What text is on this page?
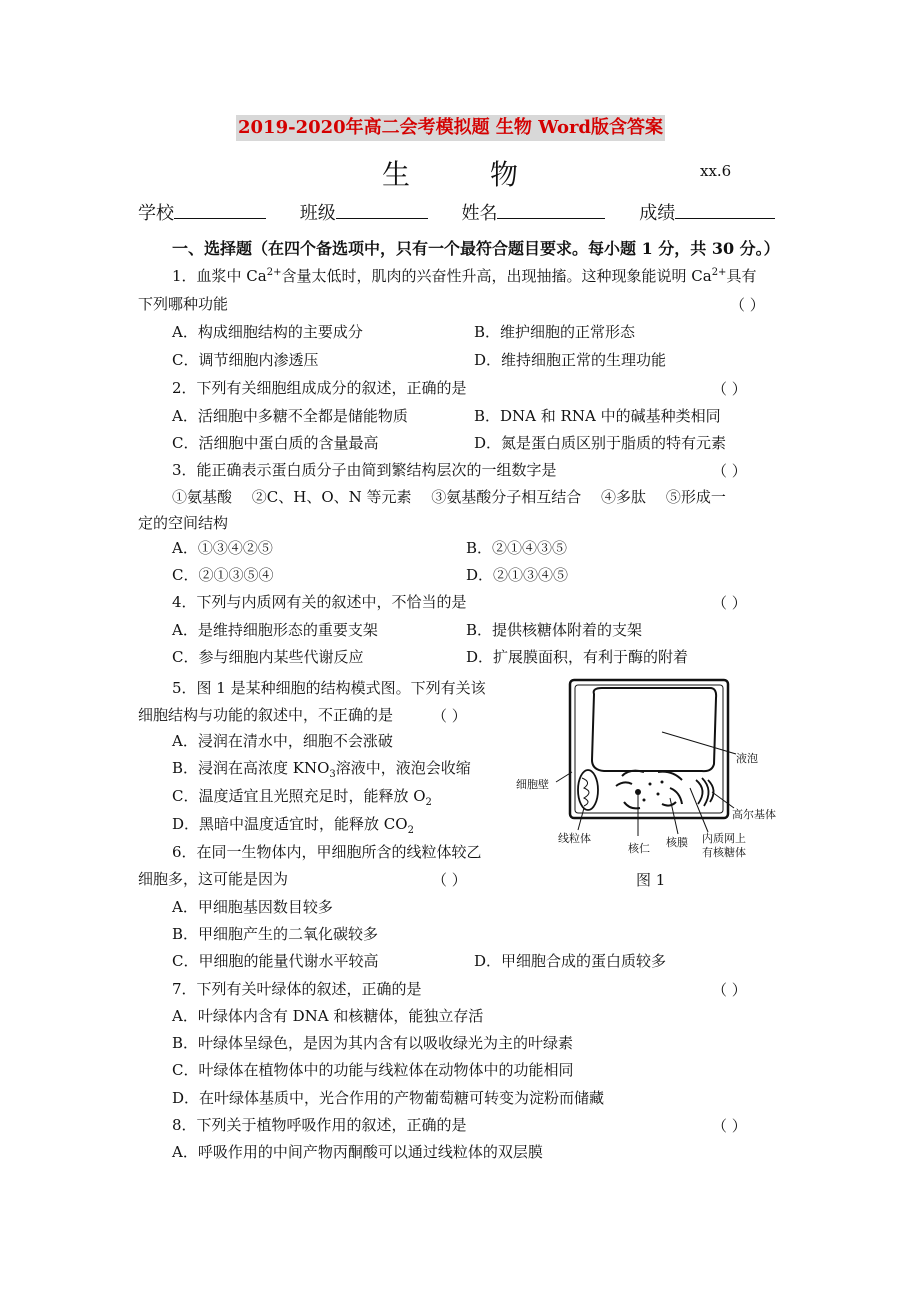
2019-2020年高二会考模拟题 生物 Word版含答案
生物	xx.6
学校	班级	姓名	成绩
一、选择题（在四个备选项中，只有一个最符合题目要求。每小题 1 分，共 30 分。）
1．血浆中 $Ca^{2+}$含量太低时，肌肉的兴奋性升高，出现抽搐。这种现象能说明 $Ca^{2+}$具有
下列哪种功能	（ ）
A．构成细胞结构的主要成分	B．维护细胞的正常形态
C．调节细胞内渗透压	D．维持细胞正常的生理功能
2．下列有关细胞组成成分的叙述，正确的是	（ ）
A．活细胞中多糖不全都是储能物质	B．DNA 和 RNA 中的碱基种类相同
C．活细胞中蛋白质的含量最高	D．氮是蛋白质区别于脂质的特有元素
3．能正确表示蛋白质分子由简到繁结构层次的一组数字是	（ ）
①氨基酸　 ②C、H、O、N 等元素　 ③氨基酸分子相互结合　 ④多肽　 ⑤形成一
定的空间结构
A．①③④②⑤	B．②①④③⑤
C．②①③⑤④	D．②①③④⑤
4．下列与内质网有关的叙述中，不恰当的是	（ ）
A．是维持细胞形态的重要支架	B．提供核糖体附着的支架
C．参与细胞内某些代谢反应	D．扩展膜面积，有利于酶的附着
5．图 1 是某种细胞的结构模式图。下列有关该
细胞结构与功能的叙述中，不正确的是	（ ）
A．浸润在清水中，细胞不会涨破
B．浸润在高浓度 $KNO_3$溶液中，液泡会收缩
C．温度适宜且光照充足时，能释放 $O_2$
D．黑暗中温度适宜时，能释放 $CO_2$
液泡
细胞壁
高尔基体
线粒体
核仁 核膜 内质网上
有核糖体
图 1
6．在同一生物体内，甲细胞所含的线粒体较乙
细胞多，这可能是因为	（ ）
A．甲细胞基因数目较多
B．甲细胞产生的二氧化碳较多
C．甲细胞的能量代谢水平较高	D．甲细胞合成的蛋白质较多
7．下列有关叶绿体的叙述，正确的是	（ ）
A．叶绿体内含有 DNA 和核糖体，能独立存活
B．叶绿体呈绿色，是因为其内含有以吸收绿光为主的叶绿素
C．叶绿体在植物体中的功能与线粒体在动物体中的功能相同
D．在叶绿体基质中，光合作用的产物葡萄糖可转变为淀粉而储藏
8．下列关于植物呼吸作用的叙述，正确的是	（ ）
A．呼吸作用的中间产物丙酮酸可以通过线粒体的双层膜
